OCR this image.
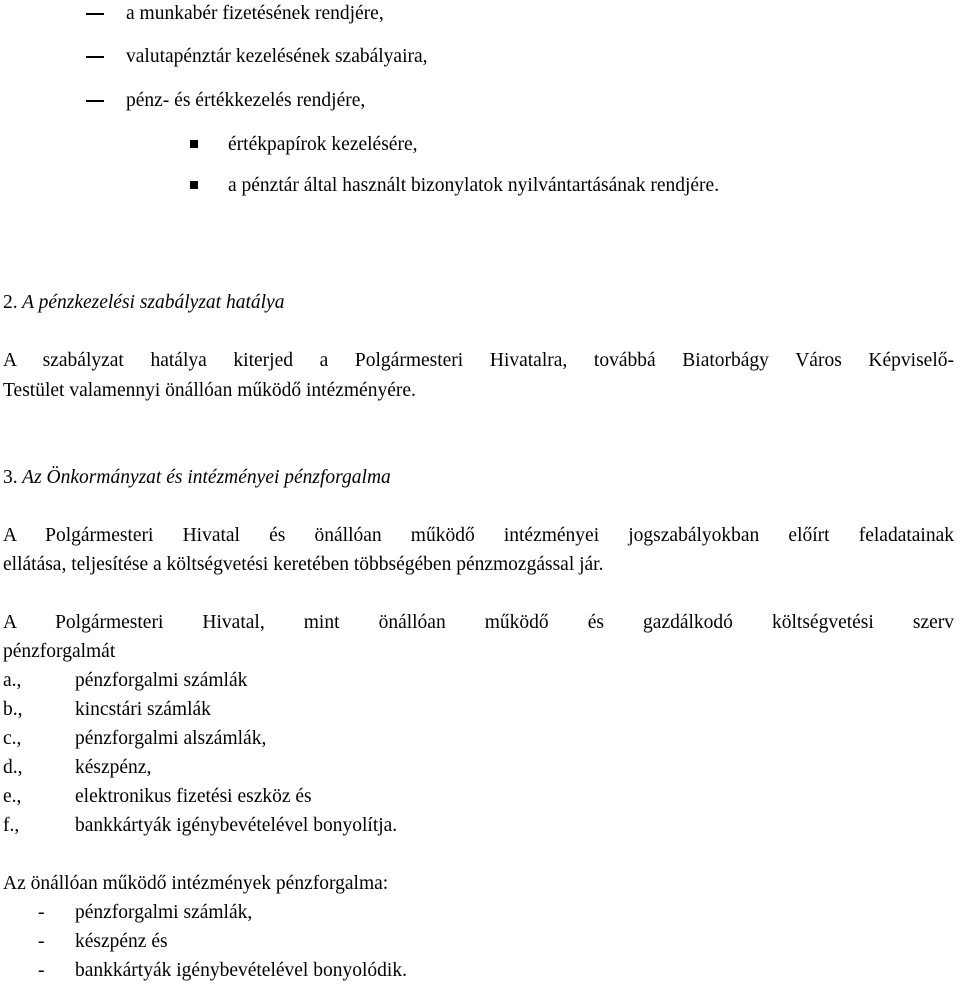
a munkabér fizetésének rendjére,
valutapénztár kezelésének szabályaira,
pénz- és értékkezelés rendjére,
értékpapírok kezelésére,
a pénztár által használt bizonylatok nyilvántartásának rendjére.
2. A pénzkezelési szabályzat hatálya
A szabályzat hatálya kiterjed a Polgármesteri Hivatalra, továbbá Biatorbágy Város Képviselő-
Testület valamennyi önállóan működő intézményére.
3. Az Önkormányzat és intézményei pénzforgalma
A Polgármesteri Hivatal és önállóan működő intézményei jogszabályokban előírt feladatainak
ellátása, teljesítése a költségvetési keretében többségében pénzmozgással jár.
A Polgármesteri Hivatal, mint önállóan működő és gazdálkodó költségvetési szerv
pénzforgalmát
a.,	pénzforgalmi számlák
b.,	kincstári számlák
c.,	pénzforgalmi alszámlák,
d.,	készpénz,
e.,	elektronikus fizetési eszköz és
f.,	bankkártyák igénybevételével bonyolítja.
Az önállóan működő intézmények pénzforgalma:
- pénzforgalmi számlák,
- készpénz és
- bankkártyák igénybevételével bonyolódik.
